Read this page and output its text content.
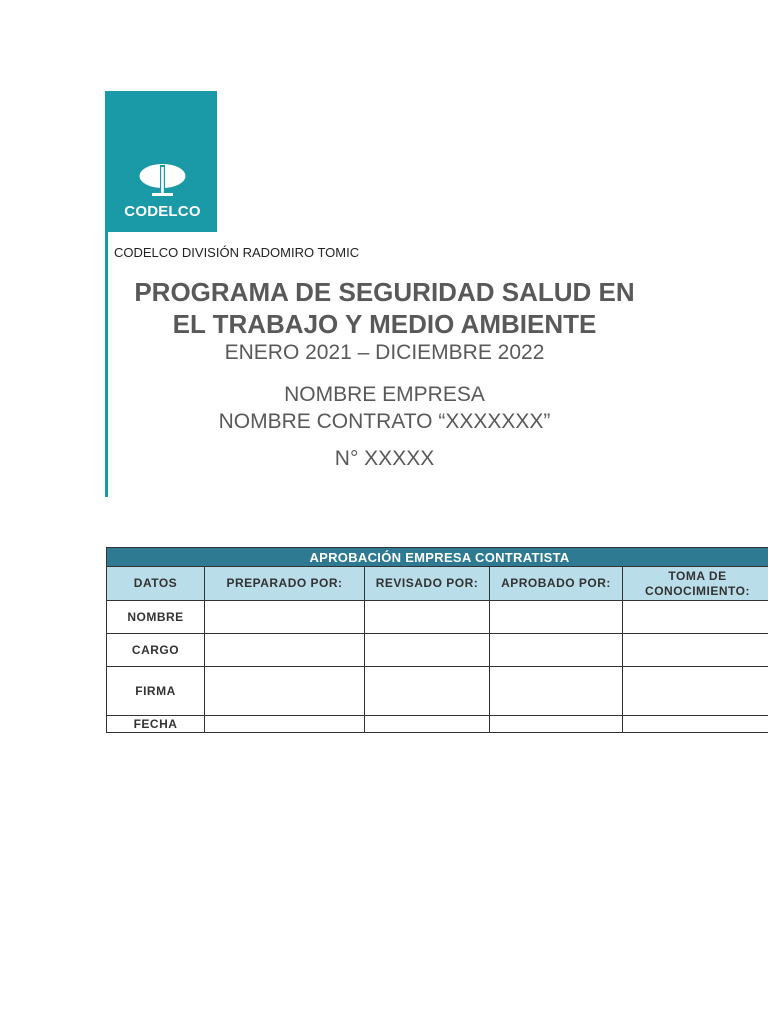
CODELCO
CODELCO DIVISIÓN RADOMIRO TOMIC
PROGRAMA DE SEGURIDAD SALUD EN
EL TRABAJO Y MEDIO AMBIENTE
ENERO 2021 – DICIEMBRE 2022
NOMBRE EMPRESA
NOMBRE CONTRATO “XXXXXXX”
N° XXXXX
APROBACIÓN EMPRESA CONTRATISTA				
DATOS	PREPARADO POR:	REVISADO POR:	APROBADO POR:	TOMA DE CONOCIMIENTO:
NOMBRE				
CARGO				
FIRMA				
FECHA				
